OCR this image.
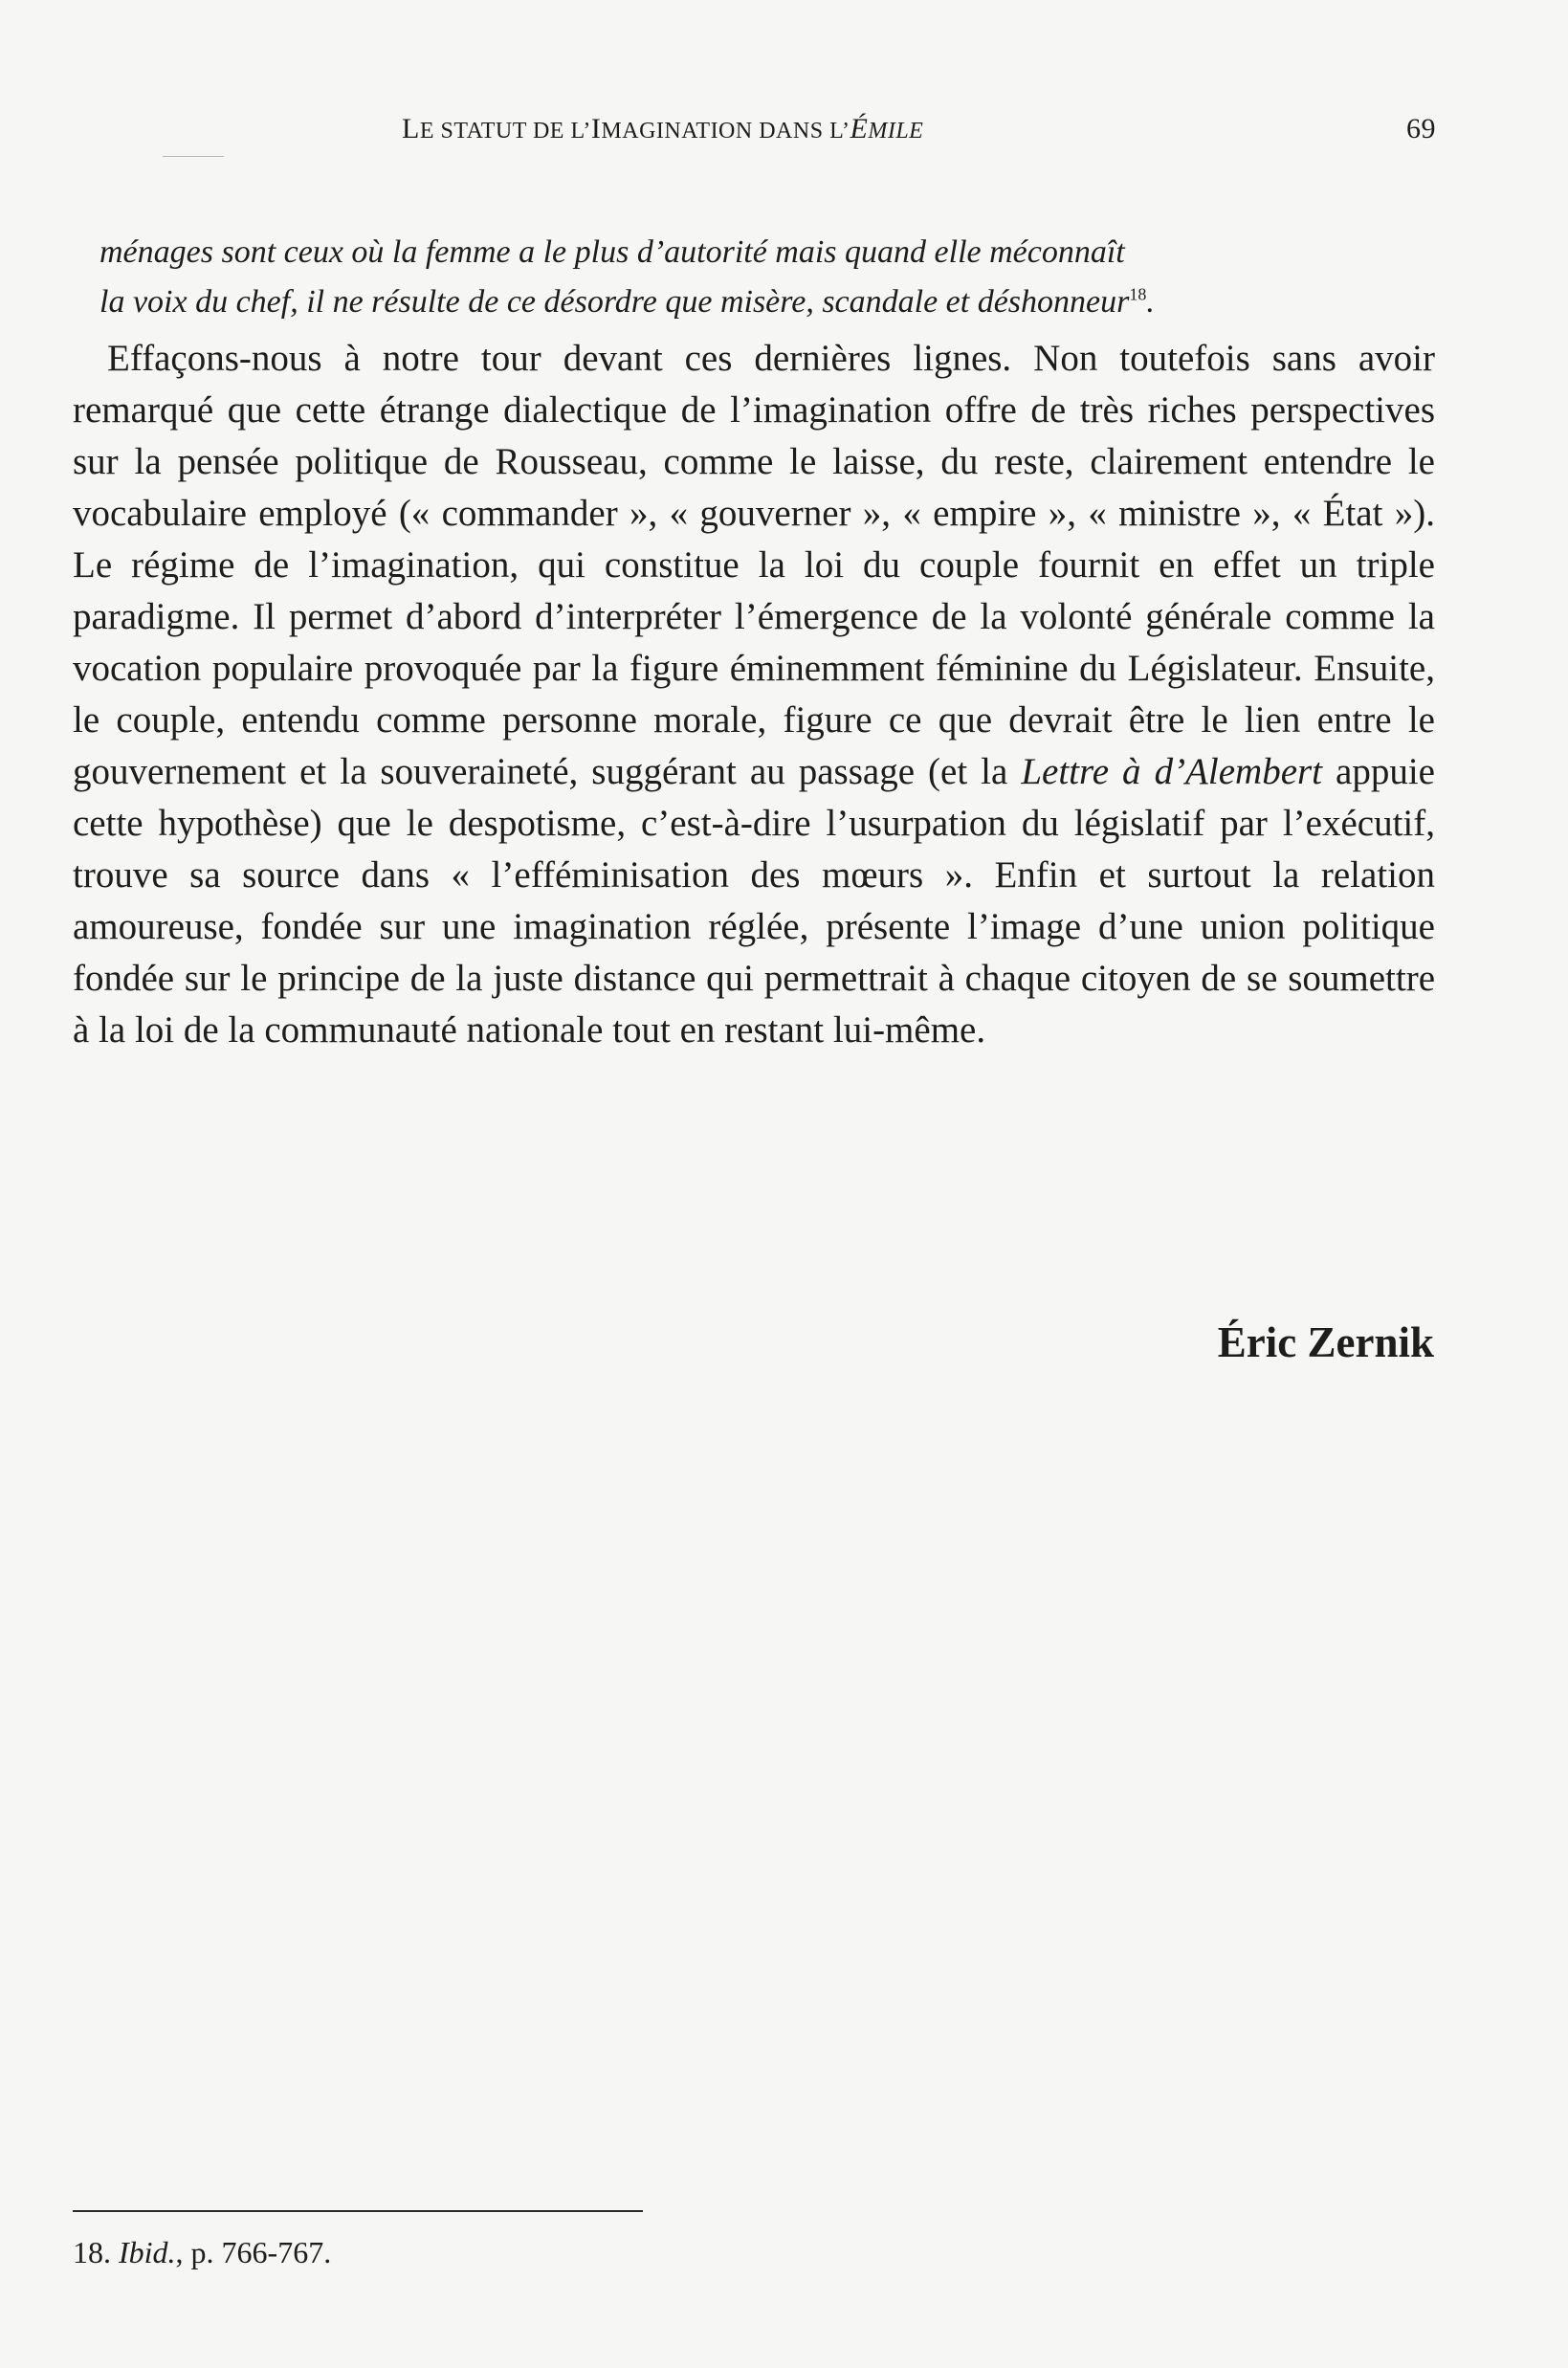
LE STATUT DE L’IMAGINATION DANS L’ÉMILE	69

ménages sont ceux où la femme a le plus d’autorité mais quand elle méconnaît

la voix du chef, il ne résulte de ce désordre que misère, scandale et déshonneur$^{18}$.

Effaçons-nous à notre tour devant ces dernières lignes. Non toutefois sans avoir remarqué que cette étrange dialectique de l’imagination offre de très riches perspectives sur la pensée politique de Rousseau, comme le laisse, du reste, clairement entendre le vocabulaire employé (« commander », « gouverner », « empire », « ministre », « État »). Le régime de l’imagination, qui constitue la loi du couple fournit en effet un triple paradigme. Il permet d’abord d’interpréter l’émergence de la volonté générale comme la vocation populaire provoquée par la figure éminemment féminine du Législateur. Ensuite, le couple, entendu comme personne morale, figure ce que devrait être le lien entre le gouvernement et la souveraineté, suggérant au passage (et la Lettre à d’Alembert appuie cette hypothèse) que le despotisme, c’est-à-dire l’usurpation du législatif par l’exécutif, trouve sa source dans « l’efféminisation des mœurs ». Enfin et surtout la relation amoureuse, fondée sur une imagination réglée, présente l’image d’une union politique fondée sur le principe de la juste distance qui permettrait à chaque citoyen de se soumettre à la loi de la communauté nationale tout en restant lui-même.

Éric Zernik
18. Ibid., p. 766-767.
